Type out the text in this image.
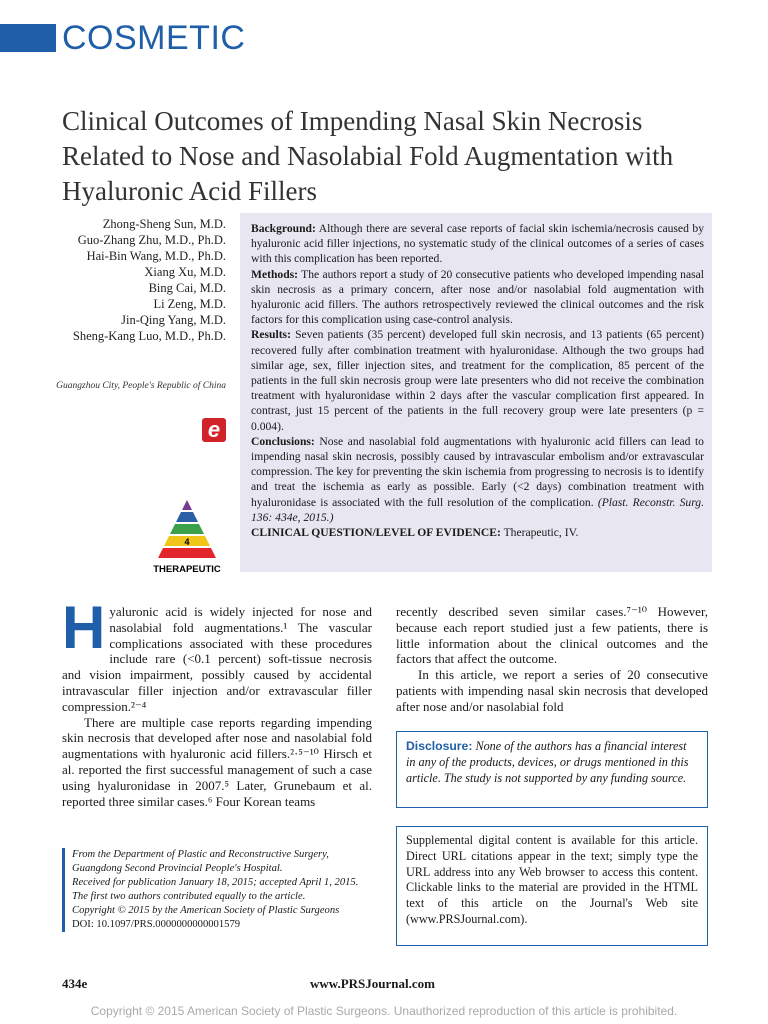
COSMETIC
Clinical Outcomes of Impending Nasal Skin Necrosis Related to Nose and Nasolabial Fold Augmentation with Hyaluronic Acid Fillers
Zhong-Sheng Sun, M.D.
Guo-Zhang Zhu, M.D., Ph.D.
Hai-Bin Wang, M.D., Ph.D.
Xiang Xu, M.D.
Bing Cai, M.D.
Li Zeng, M.D.
Jin-Qing Yang, M.D.
Sheng-Kang Luo, M.D., Ph.D.
Guangzhou City, People's Republic of China
e
4
THERAPEUTIC

Background: Although there are several case reports of facial skin ischemia/necrosis caused by hyaluronic acid filler injections, no systematic study of the clinical outcomes of a series of cases with this complication has been reported.

Methods: The authors report a study of 20 consecutive patients who developed impending nasal skin necrosis as a primary concern, after nose and/or nasolabial fold augmentation with hyaluronic acid fillers. The authors retrospectively reviewed the clinical outcomes and the risk factors for this complication using case-control analysis.

Results: Seven patients (35 percent) developed full skin necrosis, and 13 patients (65 percent) recovered fully after combination treatment with hyaluronidase. Although the two groups had similar age, sex, filler injection sites, and treatment for the complication, 85 percent of the patients in the full skin necrosis group were late presenters who did not receive the combination treatment with hyaluronidase within 2 days after the vascular complication first appeared. In contrast, just 15 percent of the patients in the full recovery group were late presenters (p = 0.004).

Conclusions: Nose and nasolabial fold augmentations with hyaluronic acid fillers can lead to impending nasal skin necrosis, possibly caused by intravascular embolism and/or extravascular compression. The key for preventing the skin ischemia from progressing to necrosis is to identify and treat the ischemia as early as possible. Early (<2 days) combination treatment with hyaluronidase is associated with the full resolution of the complication. (Plast. Reconstr. Surg. 136: 434e, 2015.)

CLINICAL QUESTION/LEVEL OF EVIDENCE: Therapeutic, IV.

Hyaluronic acid is widely injected for nose and nasolabial fold augmentations.¹ The vascular complications associated with these procedures include rare (<0.1 percent) soft-tissue necrosis and vision impairment, possibly caused by accidental intravascular filler injection and/or extravascular filler compression.²⁻⁴

There are multiple case reports regarding impending skin necrosis that developed after nose and nasolabial fold augmentations with hyaluronic acid fillers.²·⁵⁻¹⁰ Hirsch et al. reported the first successful management of such a case using hyaluronidase in 2007.⁵ Later, Grunebaum et al. reported three similar cases.⁶ Four Korean teams

recently described seven similar cases.⁷⁻¹⁰ However, because each report studied just a few patients, there is little information about the clinical outcomes and the factors that affect the outcome.

In this article, we report a series of 20 consecutive patients with impending nasal skin necrosis that developed after nose and/or nasolabial fold

From the Department of Plastic and Reconstructive Surgery, Guangdong Second Provincial People's Hospital.
Received for publication January 18, 2015; accepted April 1, 2015.
The first two authors contributed equally to the article.
Copyright © 2015 by the American Society of Plastic Surgeons
DOI: 10.1097/PRS.0000000000001579
Disclosure: None of the authors has a financial interest in any of the products, devices, or drugs mentioned in this article. The study is not supported by any funding source.
Supplemental digital content is available for this article. Direct URL citations appear in the text; simply type the URL address into any Web browser to access this content. Clickable links to the material are provided in the HTML text of this article on the Journal's Web site (www.PRSJournal.com).
434e	www.PRSJournal.com
Copyright © 2015 American Society of Plastic Surgeons. Unauthorized reproduction of this article is prohibited.
